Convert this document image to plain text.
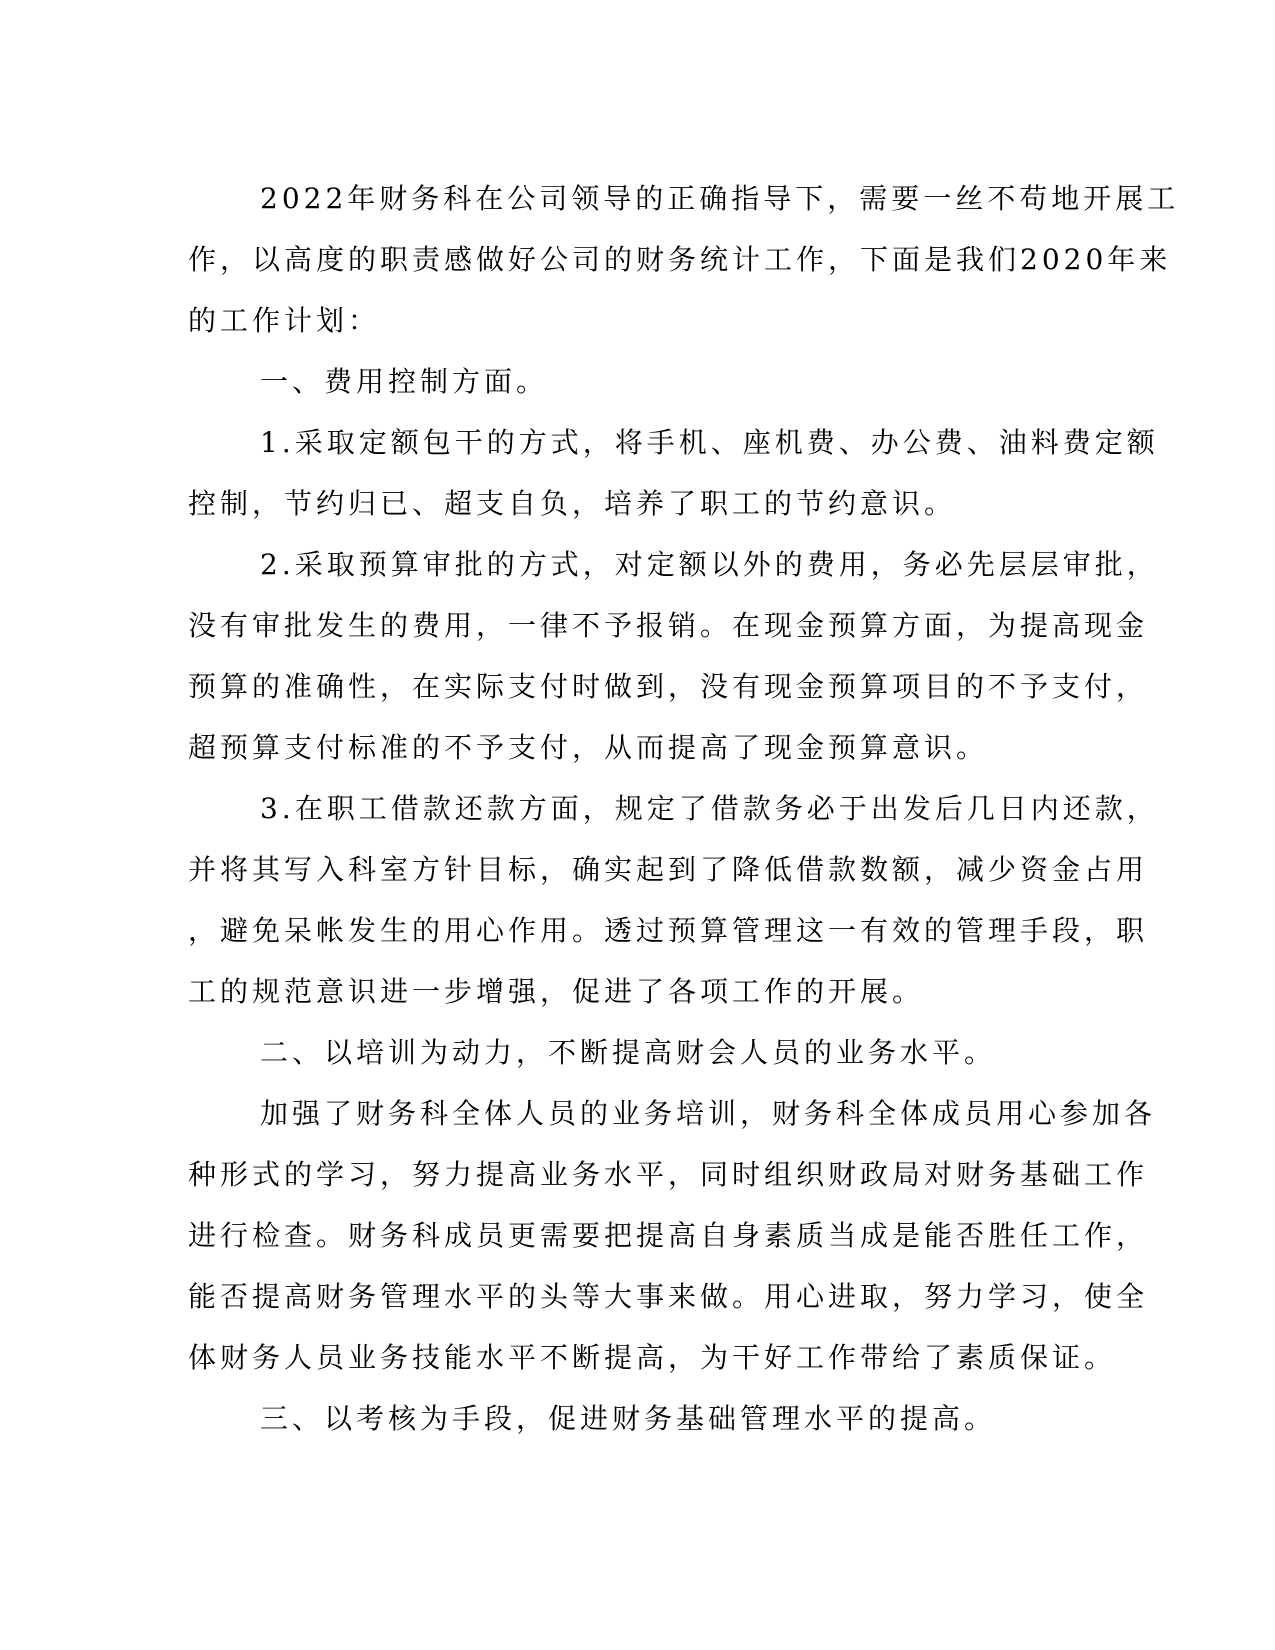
2022年财务科在公司领导的正确指导下，需要一丝不苟地开展工
作，以高度的职责感做好公司的财务统计工作，下面是我们2020年来
的工作计划：
一、费用控制方面。
1.采取定额包干的方式，将手机、座机费、办公费、油料费定额
控制，节约归已、超支自负，培养了职工的节约意识。
2.采取预算审批的方式，对定额以外的费用，务必先层层审批，
没有审批发生的费用，一律不予报销。在现金预算方面，为提高现金
预算的准确性，在实际支付时做到，没有现金预算项目的不予支付，
超预算支付标准的不予支付，从而提高了现金预算意识。
3.在职工借款还款方面，规定了借款务必于出发后几日内还款，
并将其写入科室方针目标，确实起到了降低借款数额，减少资金占用
，避免呆帐发生的用心作用。透过预算管理这一有效的管理手段，职
工的规范意识进一步增强，促进了各项工作的开展。
二、以培训为动力，不断提高财会人员的业务水平。
加强了财务科全体人员的业务培训，财务科全体成员用心参加各
种形式的学习，努力提高业务水平，同时组织财政局对财务基础工作
进行检查。财务科成员更需要把提高自身素质当成是能否胜任工作，
能否提高财务管理水平的头等大事来做。用心进取，努力学习，使全
体财务人员业务技能水平不断提高，为干好工作带给了素质保证。
三、以考核为手段，促进财务基础管理水平的提高。
